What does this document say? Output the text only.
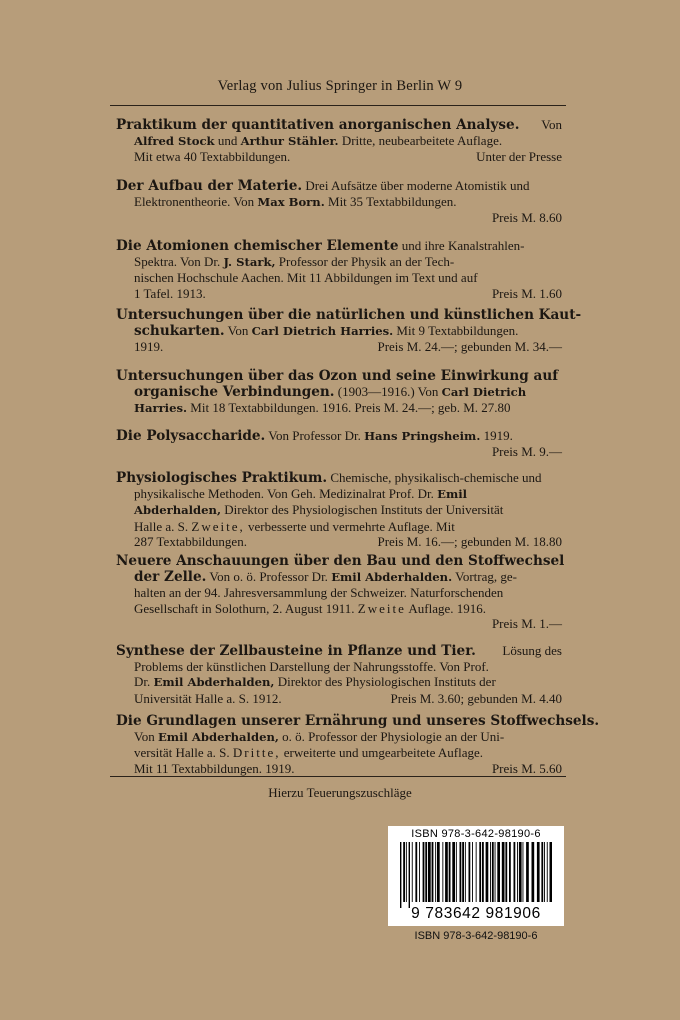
Verlag von Julius Springer in Berlin W 9
Praktikum der quantitativen anorganischen Analyse. Von
Alfred Stock und Arthur Stähler. Dritte, neubearbeitete Auflage.
Mit etwa 40 Textabbildungen.	Unter der Presse
Der Aufbau der Materie. Drei Aufsätze über moderne Atomistik und
Elektronentheorie. Von Max Born. Mit 35 Textabbildungen.
Preis M. 8.60
Die Atomionen chemischer Elemente und ihre Kanalstrahlen-
Spektra. Von Dr. J. Stark, Professor der Physik an der Tech-
nischen Hochschule Aachen. Mit 11 Abbildungen im Text und auf
1 Tafel. 1913.	Preis M. 1.60
Untersuchungen über die natürlichen und künstlichen Kaut-
schukarten. Von Carl Dietrich Harries. Mit 9 Textabbildungen.
1919.	Preis M. 24.—; gebunden M. 34.—
Untersuchungen über das Ozon und seine Einwirkung auf
organische Verbindungen. (1903—1916.) Von Carl Dietrich
Harries. Mit 18 Textabbildungen. 1916. Preis M. 24.—; geb. M. 27.80
Die Polysaccharide. Von Professor Dr. Hans Pringsheim. 1919.
Preis M. 9.—
Physiologisches Praktikum. Chemische, physikalisch-chemische und
physikalische Methoden. Von Geh. Medizinalrat Prof. Dr. Emil
Abderhalden, Direktor des Physiologischen Instituts der Universität
Halle a. S. Zweite, verbesserte und vermehrte Auflage. Mit
287 Textabbildungen.	Preis M. 16.—; gebunden M. 18.80
Neuere Anschauungen über den Bau und den Stoffwechsel
der Zelle. Von o. ö. Professor Dr. Emil Abderhalden. Vortrag, ge-
halten an der 94. Jahresversammlung der Schweizer. Naturforschenden
Gesellschaft in Solothurn, 2. August 1911. Zweite Auflage. 1916.
Preis M. 1.—
Synthese der Zellbausteine in Pflanze und Tier. Lösung des
Problems der künstlichen Darstellung der Nahrungsstoffe. Von Prof.
Dr. Emil Abderhalden, Direktor des Physiologischen Instituts der
Universität Halle a. S. 1912.	Preis M. 3.60; gebunden M. 4.40
Die Grundlagen unserer Ernährung und unseres Stoffwechsels.
Von Emil Abderhalden, o. ö. Professor der Physiologie an der Uni-
versität Halle a. S. Dritte, erweiterte und umgearbeitete Auflage.
Mit 11 Textabbildungen. 1919.	Preis M. 5.60
Hierzu Teuerungszuschläge
ISBN 978-3-642-98190-6
9 783642 981906
ISBN 978-3-642-98190-6
